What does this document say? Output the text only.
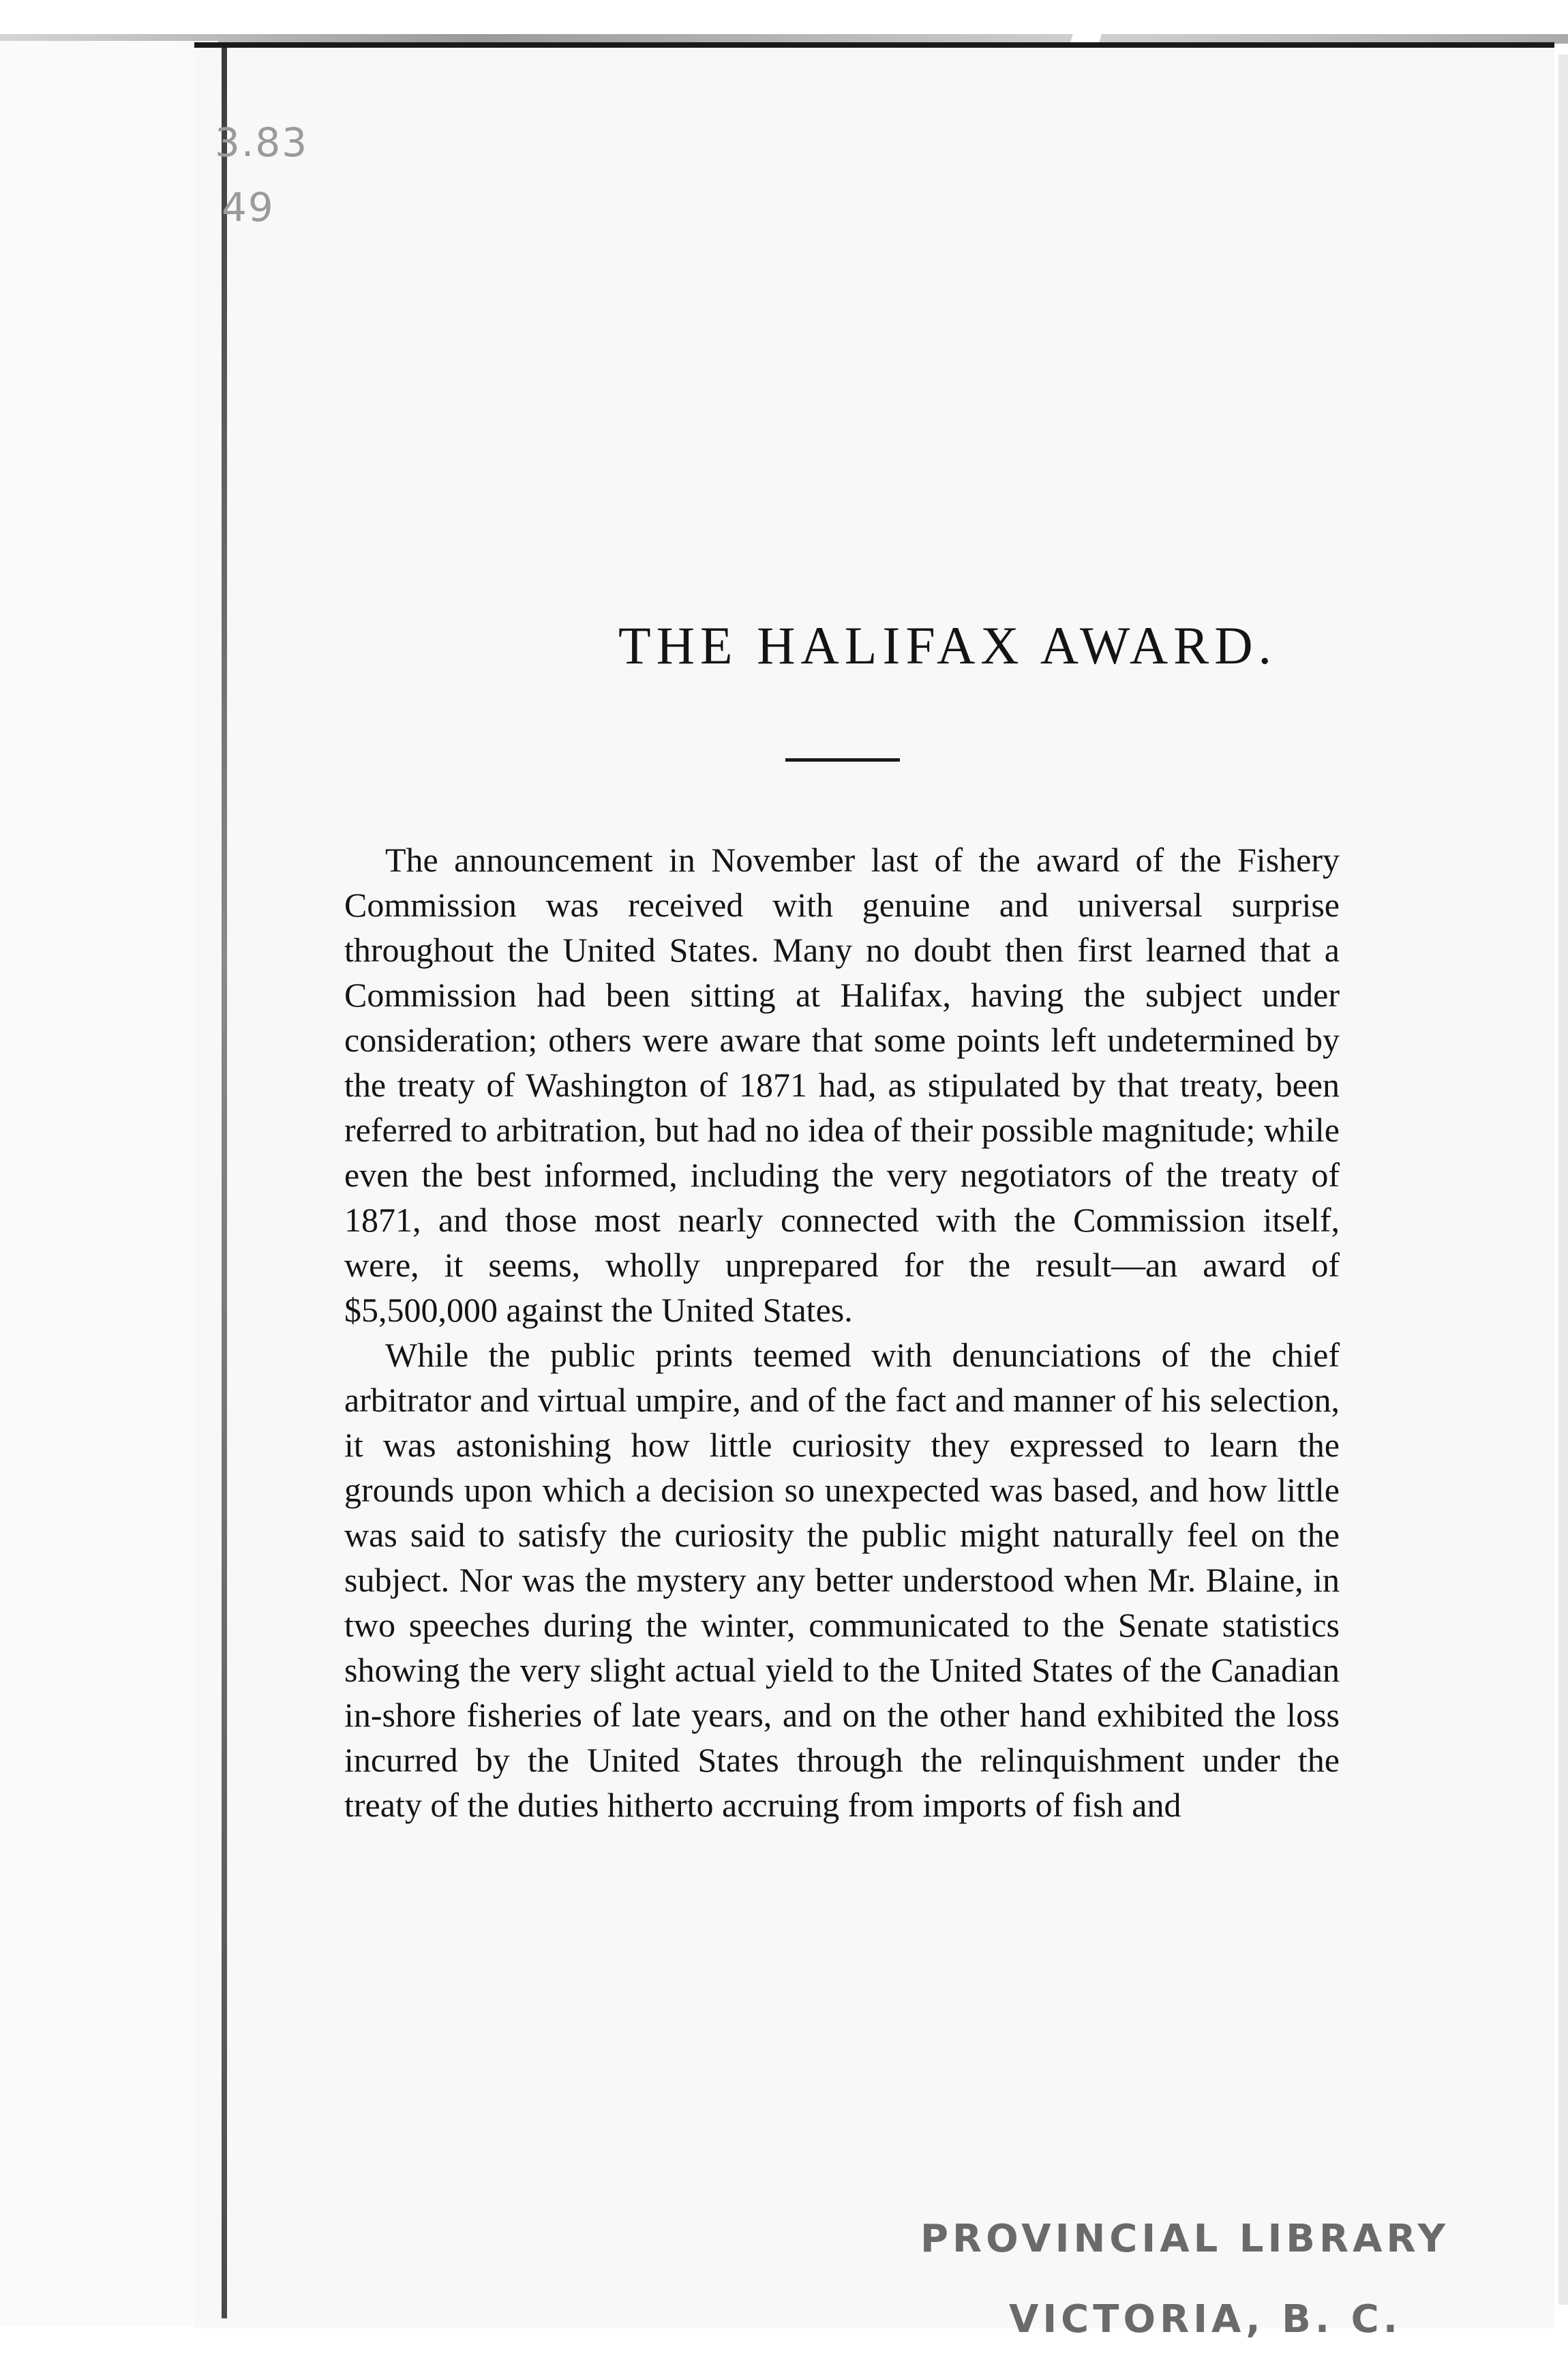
3.83
49
THE HALIFAX AWARD.

The announcement in November last of the award of the Fishery Commission was received with genuine and universal surprise throughout the United States. Many no doubt then first learned that a Commission had been sitting at Halifax, having the subject under consideration; others were aware that some points left undetermined by the treaty of Washington of 1871 had, as stipulated by that treaty, been referred to arbitration, but had no idea of their possible magnitude; while even the best informed, including the very negotiators of the treaty of 1871, and those most nearly connected with the Commission itself, were, it seems, wholly unprepared for the result—an award of $5,500,000 against the United States.

While the public prints teemed with denunciations of the chief arbitrator and virtual umpire, and of the fact and manner of his selection, it was astonishing how little curiosity they expressed to learn the grounds upon which a decision so unexpected was based, and how little was said to satisfy the curiosity the public might naturally feel on the subject. Nor was the mystery any better understood when Mr. Blaine, in two speeches during the winter, communicated to the Senate statistics showing the very slight actual yield to the United States of the Canadian in-shore fisheries of late years, and on the other hand exhibited the loss incurred by the United States through the relinquishment under the treaty of the duties hitherto accruing from imports of fish and

PROVINCIAL LIBRARY
VICTORIA, B. C.
